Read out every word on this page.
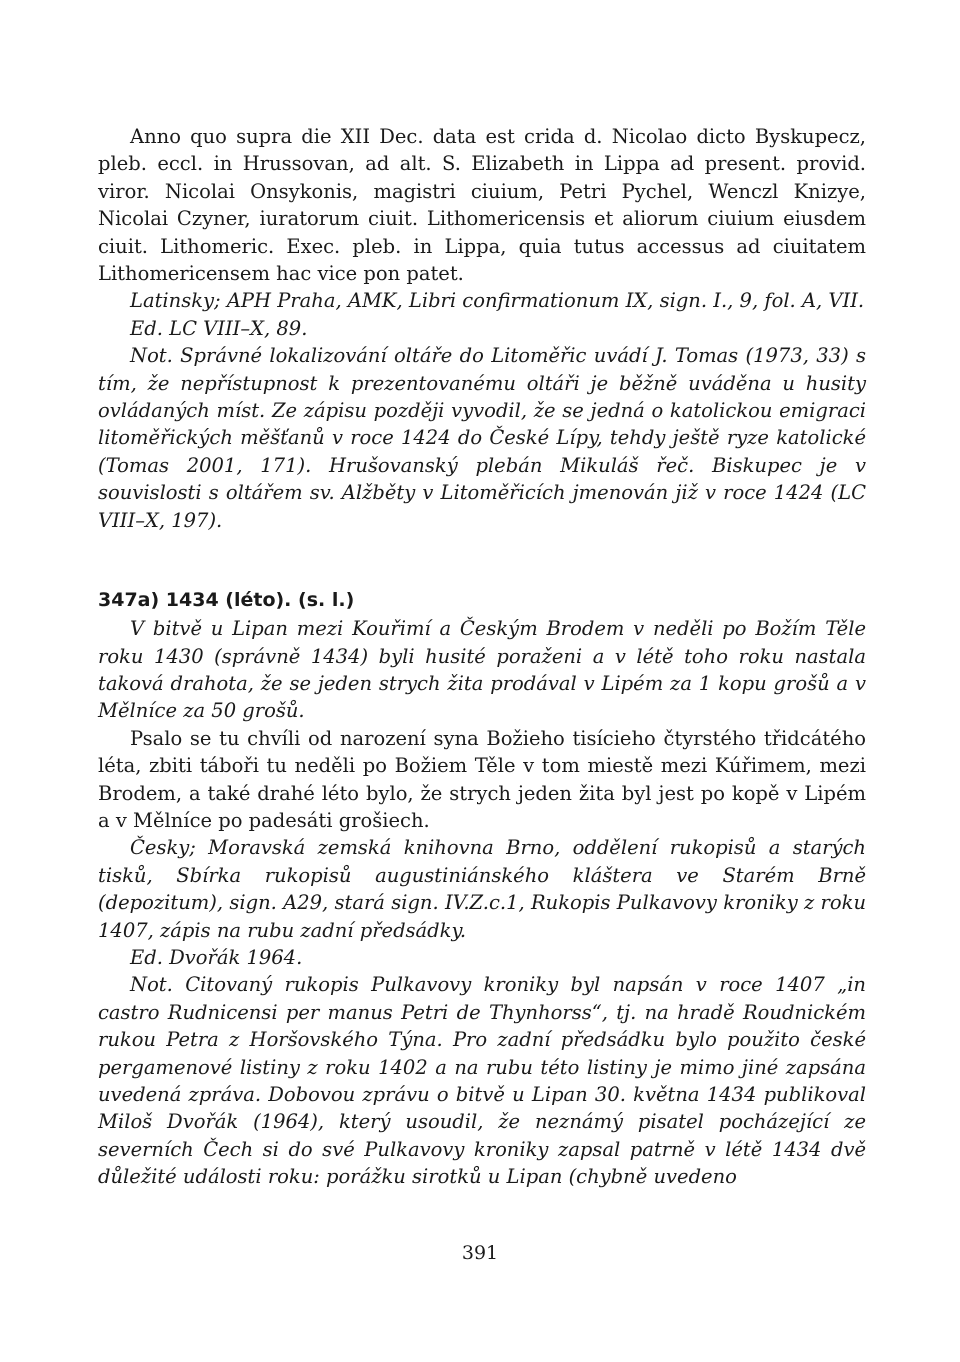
Anno quo supra die XII Dec. data est crida d. Nicolao dicto Byskupecz, pleb. eccl. in Hrussovan, ad alt. S. Elizabeth in Lippa ad present. provid. viror. Nicolai Onsykonis, magistri ciuium, Petri Pychel, Wenczl Knizye, Nicolai Czyner, iuratorum ciuit. Lithomericensis et aliorum ciuium eiusdem ciuit. Lithomeric. Exec. pleb. in Lippa, quia tutus accessus ad ciuitatem Lithomericensem hac vice pon patet.

Latinsky; APH Praha, AMK, Libri confirmationum IX, sign. I., 9, fol. A, VII.

Ed. LC VIII–X, 89.

Not. Správné lokalizování oltáře do Litoměřic uvádí J. Tomas (1973, 33) s tím, že nepřístupnost k prezentovanému oltáři je běžně uváděna u husity ovládaných míst. Ze zápisu později vyvodil, že se jedná o katolickou emigraci litoměřických měšťanů v roce 1424 do České Lípy, tehdy ještě ryze katolické (Tomas 2001, 171). Hrušovanský plebán Mikuláš řeč. Biskupec je v souvislosti s oltářem sv. Alžběty v Litoměřicích jmenován již v roce 1424 (LC VIII–X, 197).

347a) 1434 (léto). (s. l.)

V bitvě u Lipan mezi Kouřimí a Českým Brodem v neděli po Božím Těle roku 1430 (správně 1434) byli husité poraženi a v létě toho roku nastala taková drahota, že se jeden strych žita prodával v Lipém za 1 kopu grošů a v Mělníce za 50 grošů.

Psalo se tu chvíli od narození syna Božieho tisícieho čtyrstého třidcátého léta, zbiti táboři tu neděli po Božiem Těle v tom miestě mezi Kúřimem, mezi Brodem, a také drahé léto bylo, že strych jeden žita byl jest po kopě v Lipém a v Mělníce po padesáti grošiech.

Česky; Moravská zemská knihovna Brno, oddělení rukopisů a starých tisků, Sbírka rukopisů augustiniánského kláštera ve Starém Brně (depozitum), sign. A29, stará sign. IV.Z.c.1, Rukopis Pulkavovy kroniky z roku 1407, zápis na rubu zadní předsádky.

Ed. Dvořák 1964.

Not. Citovaný rukopis Pulkavovy kroniky byl napsán v roce 1407 „in castro Rudnicensi per manus Petri de Thynhorss“, tj. na hradě Roudnickém rukou Petra z Horšovského Týna. Pro zadní předsádku bylo použito české pergamenové listiny z roku 1402 a na rubu této listiny je mimo jiné zapsána uvedená zpráva. Dobovou zprávu o bitvě u Lipan 30. května 1434 publikoval Miloš Dvořák (1964), který usoudil, že neznámý pisatel pocházející ze severních Čech si do své Pulkavovy kroniky zapsal patrně v létě 1434 dvě důležité události roku: porážku sirotků u Lipan (chybně uvedeno

391
